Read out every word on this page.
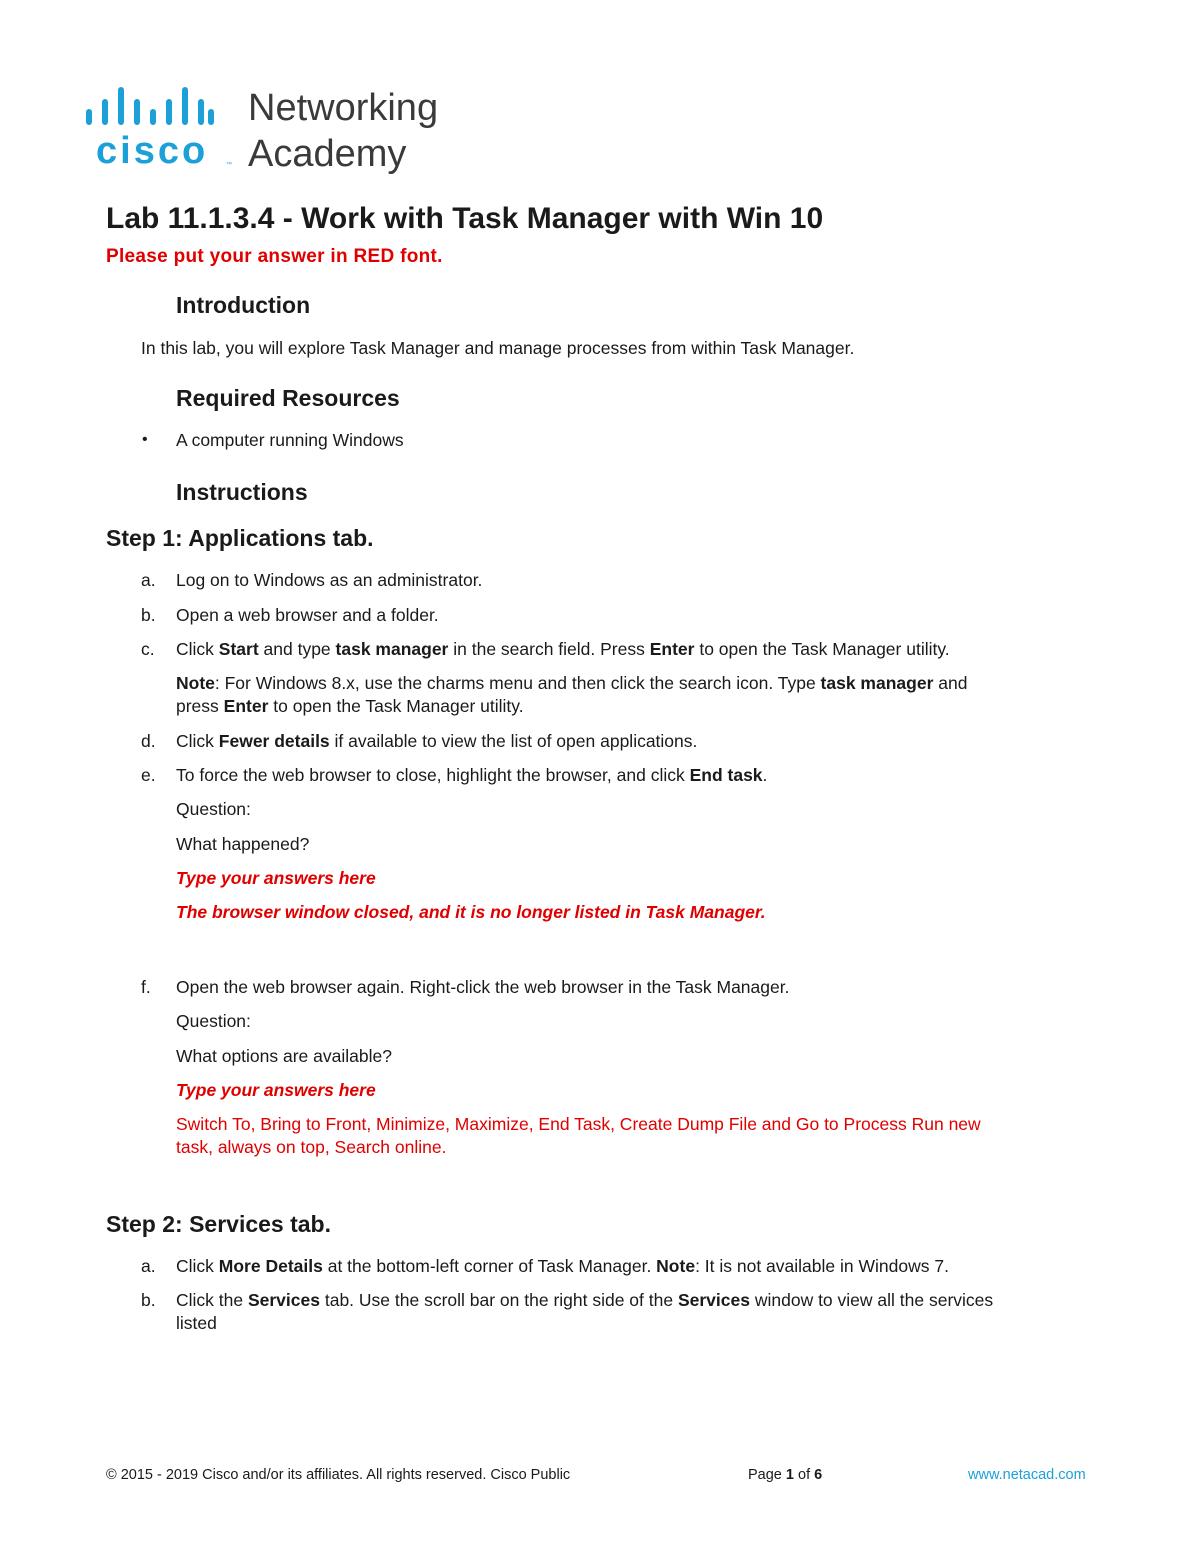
cisco	™
Networking
Academy
Lab 11.1.3.4 - Work with Task Manager with Win 10
Please put your answer in RED font.
Introduction
In this lab, you will explore Task Manager and manage processes from within Task Manager.
Required Resources
• A computer running Windows
Instructions
Step 1: Applications tab.
a. Log on to Windows as an administrator.
b. Open a web browser and a folder.
c. Click Start and type task manager in the search field. Press Enter to open the Task Manager utility.
Note: For Windows 8.x, use the charms menu and then click the search icon. Type task manager and
press Enter to open the Task Manager utility.
d. Click Fewer details if available to view the list of open applications.
e. To force the web browser to close, highlight the browser, and click End task.
Question:
What happened?
Type your answers here
The browser window closed, and it is no longer listed in Task Manager.
f. Open the web browser again. Right-click the web browser in the Task Manager.
Question:
What options are available?
Type your answers here
Switch To, Bring to Front, Minimize, Maximize, End Task, Create Dump File and Go to Process Run new
task, always on top, Search online.
Step 2: Services tab.
a. Click More Details at the bottom-left corner of Task Manager. Note: It is not available in Windows 7.
b. Click the Services tab. Use the scroll bar on the right side of the Services window to view all the services
listed
© 2015 - 2019 Cisco and/or its affiliates. All rights reserved. Cisco Public	Page 1 of 6	www.netacad.com
